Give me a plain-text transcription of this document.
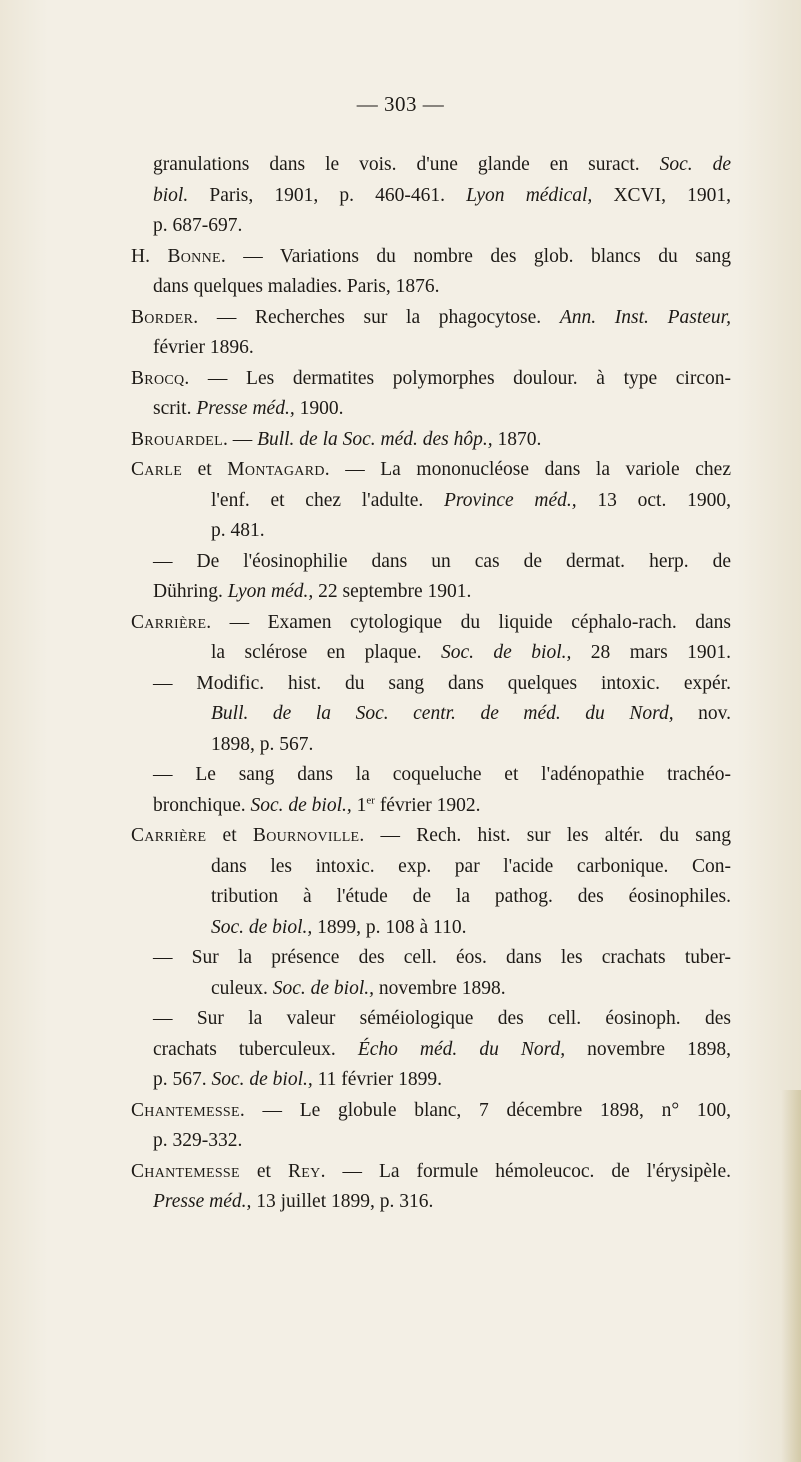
— 303 —
granulations dans le vois. d'une glande en suract. Soc. de
biol. Paris, 1901, p. 460-461. Lyon médical, XCVI, 1901,
p. 687-697.
H. Bonne. — Variations du nombre des glob. blancs du sang
dans quelques maladies. Paris, 1876.
Border. — Recherches sur la phagocytose. Ann. Inst. Pasteur,
février 1896.
Brocq. — Les dermatites polymorphes doulour. à type circon-
scrit. Presse méd., 1900.
Brouardel. — Bull. de la Soc. méd. des hôp., 1870.
Carle et Montagard. — La mononucléose dans la variole chez
l'enf. et chez l'adulte. Province méd., 13 oct. 1900,
p. 481.
— De l'éosinophilie dans un cas de dermat. herp. de
Dühring. Lyon méd., 22 septembre 1901.
Carrière. — Examen cytologique du liquide céphalo-rach. dans
la sclérose en plaque. Soc. de biol., 28 mars 1901.
— Modific. hist. du sang dans quelques intoxic. expér.
Bull. de la Soc. centr. de méd. du Nord, nov.
1898, p. 567.
— Le sang dans la coqueluche et l'adénopathie trachéo-
bronchique. Soc. de biol., 1er février 1902.
Carrière et Bournoville. — Rech. hist. sur les altér. du sang
dans les intoxic. exp. par l'acide carbonique. Con-
tribution à l'étude de la pathog. des éosinophiles.
Soc. de biol., 1899, p. 108 à 110.
— Sur la présence des cell. éos. dans les crachats tuber-
culeux. Soc. de biol., novembre 1898.
— Sur la valeur séméiologique des cell. éosinoph. des
crachats tuberculeux. Écho méd. du Nord, novembre 1898,
p. 567. Soc. de biol., 11 février 1899.
Chantemesse. — Le globule blanc, 7 décembre 1898, n° 100,
p. 329-332.
Chantemesse et Rey. — La formule hémoleucoc. de l'érysipèle.
Presse méd., 13 juillet 1899, p. 316.
